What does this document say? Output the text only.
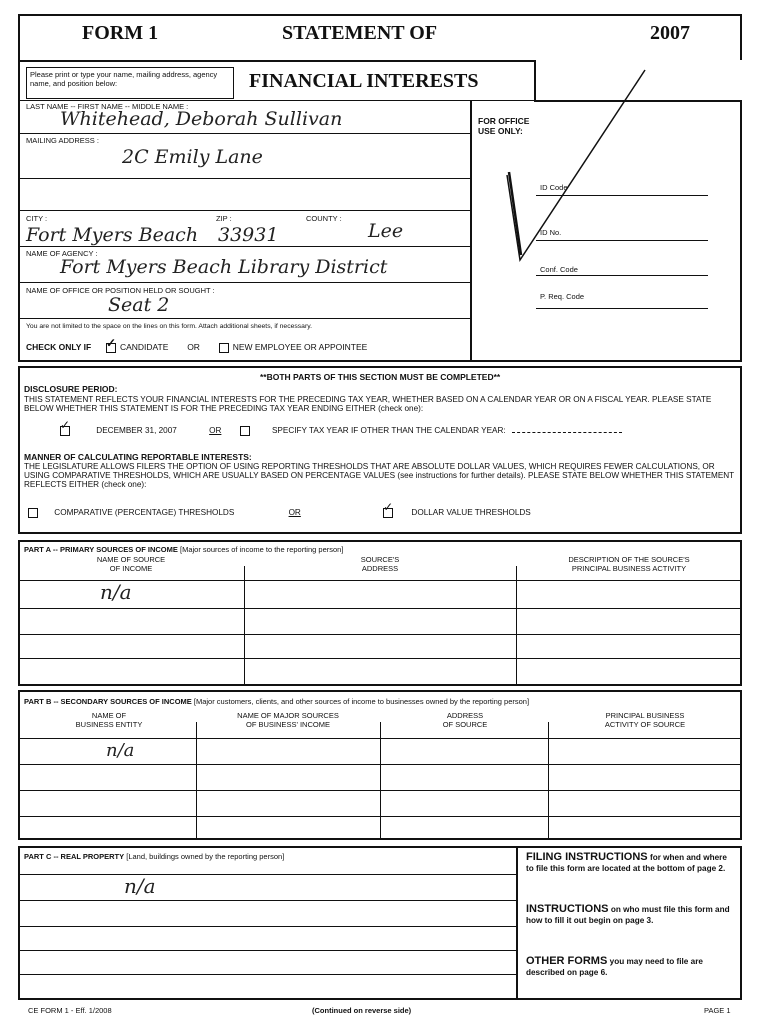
FORM 1	STATEMENT OF	2007
FINANCIAL INTERESTS
Please print or type your name, mailing address, agency name, and position below:
LAST NAME -- FIRST NAME -- MIDDLE NAME :
Whitehead, Deborah Sullivan
MAILING ADDRESS :
2C Emily Lane
CITY :	ZIP :	COUNTY :
Fort Myers Beach 33931	Lee
NAME OF AGENCY :
Fort Myers Beach Library District
NAME OF OFFICE OR POSITION HELD OR SOUGHT :
Seat 2
You are not limited to the space on the lines on this form. Attach additional sheets, if necessary.
CHECK ONLY IF ✓	CANDIDATE OR	NEW EMPLOYEE OR APPOINTEE
FOR OFFICE USE ONLY:
ID Code
ID No.
Conf. Code
P. Req. Code
**BOTH PARTS OF THIS SECTION MUST BE COMPLETED**
DISCLOSURE PERIOD:
THIS STATEMENT REFLECTS YOUR FINANCIAL INTERESTS FOR THE PRECEDING TAX YEAR, WHETHER BASED ON A CALENDAR YEAR OR ON A FISCAL YEAR. PLEASE STATE BELOW WHETHER THIS STATEMENT IS FOR THE PRECEDING TAX YEAR ENDING EITHER (check one):
✓ DECEMBER 31, 2007	OR	SPECIFY TAX YEAR IF OTHER THAN THE CALENDAR YEAR:
MANNER OF CALCULATING REPORTABLE INTERESTS:
THE LEGISLATURE ALLOWS FILERS THE OPTION OF USING REPORTING THRESHOLDS THAT ARE ABSOLUTE DOLLAR VALUES, WHICH REQUIRES FEWER CALCULATIONS, OR USING COMPARATIVE THRESHOLDS, WHICH ARE USUALLY BASED ON PERCENTAGE VALUES (see instructions for further details). PLEASE STATE BELOW WHETHER THIS STATEMENT REFLECTS EITHER (check one):
COMPARATIVE (PERCENTAGE) THRESHOLDS	OR ✓	DOLLAR VALUE THRESHOLDS
PART A -- PRIMARY SOURCES OF INCOME [Major sources of income to the reporting person]
NAME OF SOURCE
OF INCOME
SOURCE'S
ADDRESS
DESCRIPTION OF THE SOURCE'S
PRINCIPAL BUSINESS ACTIVITY
n/a
PART B -- SECONDARY SOURCES OF INCOME [Major customers, clients, and other sources of income to businesses owned by the reporting person]
NAME OF
BUSINESS ENTITY
NAME OF MAJOR SOURCES
OF BUSINESS' INCOME
ADDRESS
OF SOURCE
PRINCIPAL BUSINESS
ACTIVITY OF SOURCE
n/a
PART C -- REAL PROPERTY [Land, buildings owned by the reporting person]
n/a
FILING INSTRUCTIONS for when and where to file this form are located at the bottom of page 2.
INSTRUCTIONS on who must file this form and how to fill it out begin on page 3.
OTHER FORMS you may need to file are described on page 6.
CE FORM 1 - Eff. 1/2008	(Continued on reverse side)	PAGE 1
